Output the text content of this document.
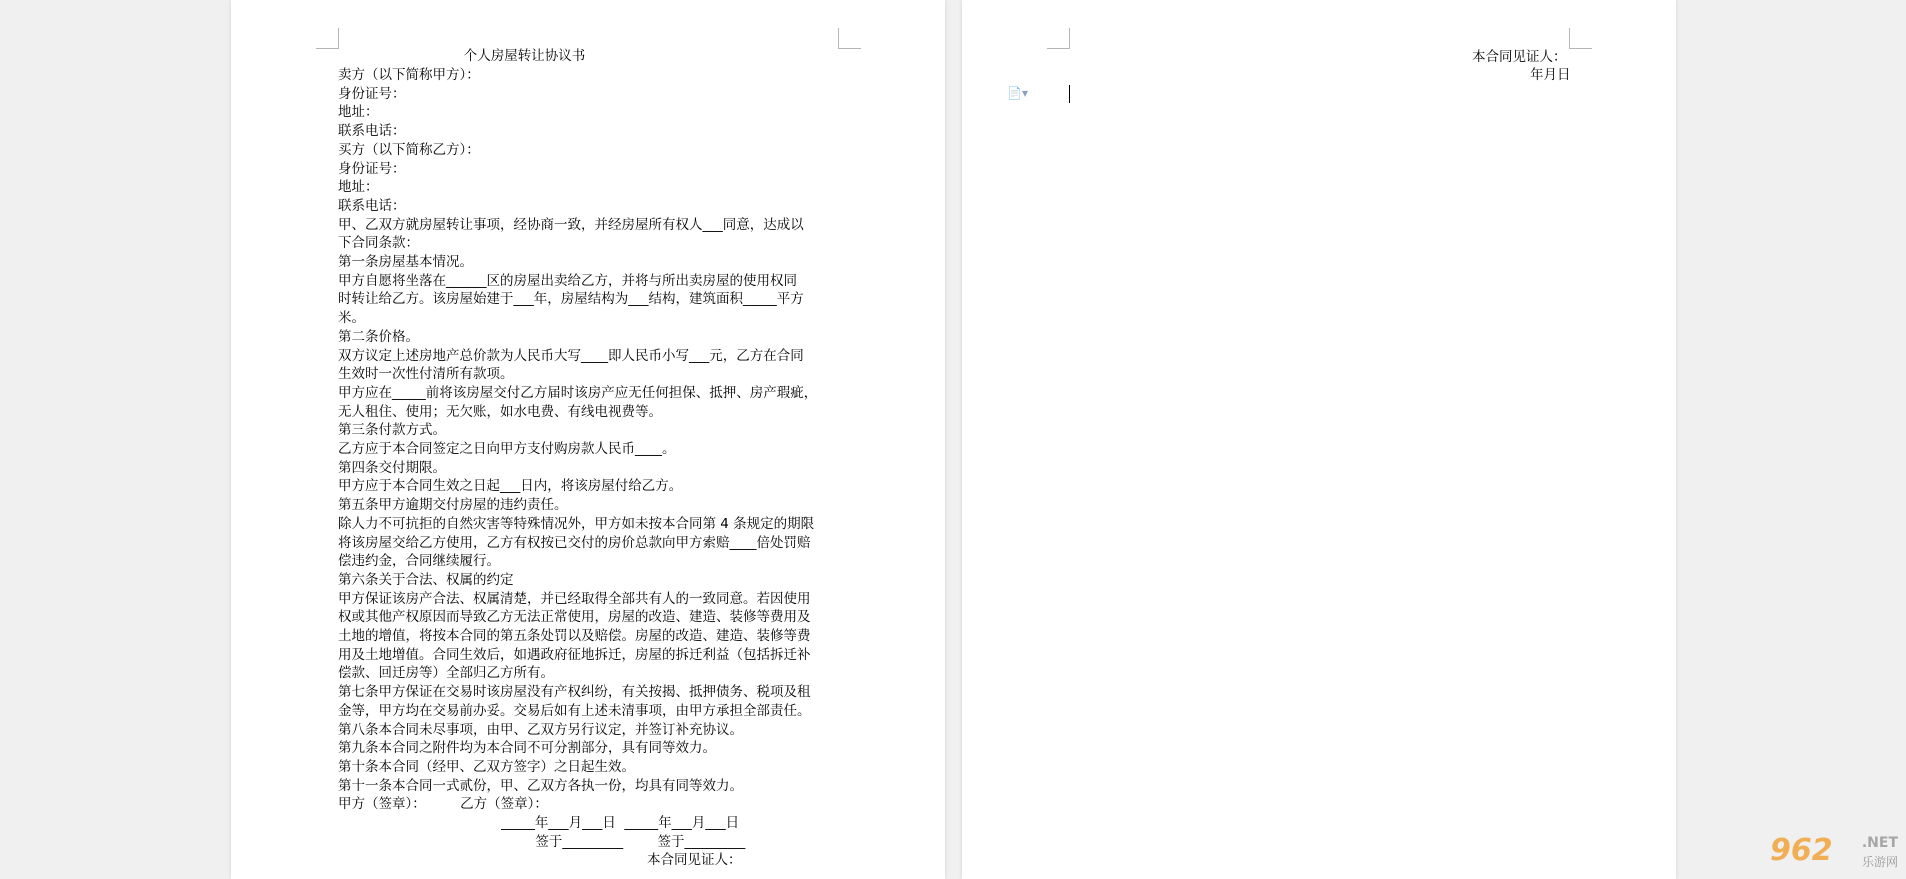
个人房屋转让协议书
卖方（以下简称甲方）：
身份证号：
地址：
联系电话：
买方（以下简称乙方）：
身份证号：
地址：
联系电话：
甲、乙双方就房屋转让事项，经协商一致，并经房屋所有权人___同意，达成以
下合同条款：
第一条房屋基本情况。
甲方自愿将坐落在______区的房屋出卖给乙方，并将与所出卖房屋的使用权同
时转让给乙方。该房屋始建于___年，房屋结构为___结构，建筑面积_____平方
米。
第二条价格。
双方议定上述房地产总价款为人民币大写____即人民币小写___元，乙方在合同
生效时一次性付清所有款项。
甲方应在_____前将该房屋交付乙方届时该房产应无任何担保、抵押、房产瑕疵，
无人租住、使用；无欠账，如水电费、有线电视费等。
第三条付款方式。
乙方应于本合同签定之日向甲方支付购房款人民币____。
第四条交付期限。
甲方应于本合同生效之日起___日内，将该房屋付给乙方。
第五条甲方逾期交付房屋的违约责任。
除人力不可抗拒的自然灾害等特殊情况外，甲方如未按本合同第 4 条规定的期限
将该房屋交给乙方使用，乙方有权按已交付的房价总款向甲方索赔____倍处罚赔
偿违约金，合同继续履行。
第六条关于合法、权属的约定
甲方保证该房产合法、权属清楚，并已经取得全部共有人的一致同意。若因使用
权或其他产权原因而导致乙方无法正常使用，房屋的改造、建造、装修等费用及
土地的增值，将按本合同的第五条处罚以及赔偿。房屋的改造、建造、装修等费
用及土地增值。合同生效后，如遇政府征地拆迁，房屋的拆迁利益（包括拆迁补
偿款、回迁房等）全部归乙方所有。
第七条甲方保证在交易时该房屋没有产权纠纷，有关按揭、抵押债务、税项及租
金等，甲方均在交易前办妥。交易后如有上述未清事项，由甲方承担全部责任。
第八条本合同未尽事项，由甲、乙双方另行议定，并签订补充协议。
第九条本合同之附件均为本合同不可分割部分，具有同等效力。
第十条本合同（经甲、乙双方签字）之日起生效。
第十一条本合同一式贰份，甲、乙双方各执一份，均具有同等效力。
甲方（签章）：        乙方（签章）：
_____年___月___日  _____年___月___日
签于_________        签于_________
本合同见证人：
本合同见证人：
年月日
📄▾
962 .NET
乐游网
